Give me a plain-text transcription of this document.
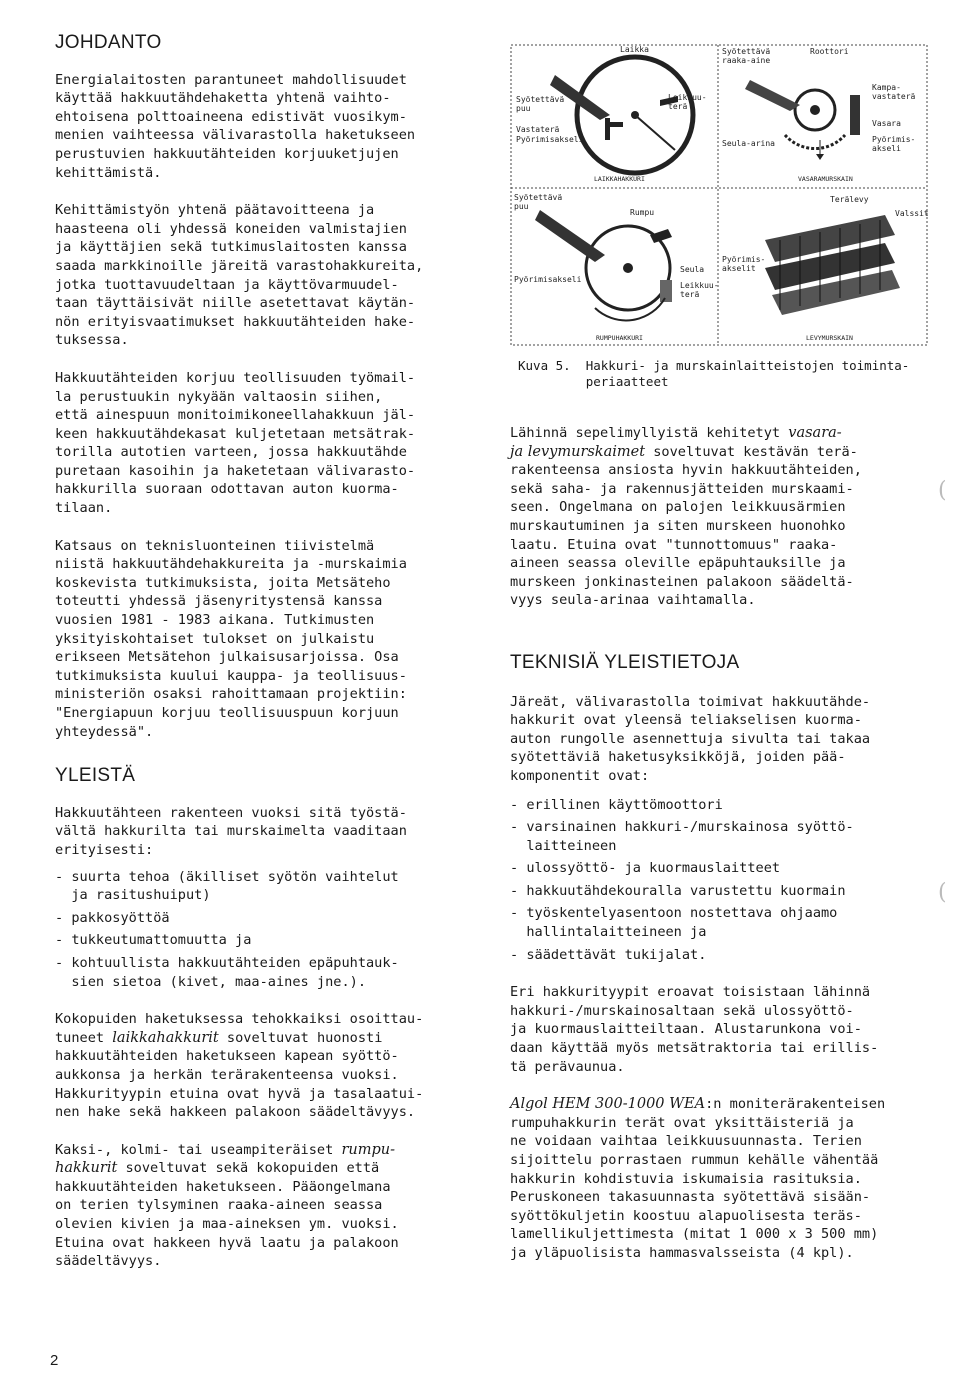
JOHDANTO

Energialaitosten parantuneet mahdollisuudet
käyttää hakkuutähdehaketta yhtenä vaihto-
ehtoisena polttoaineena edistivät vuosikym-
menien vaihteessa välivarastolla haketukseen
perustuvien hakkuutähteiden korjuuketjujen
kehittämistä.

Kehittämistyön yhtenä päätavoitteena ja
haasteena oli yhdessä koneiden valmistajien
ja käyttäjien sekä tutkimuslaitosten kanssa
saada markkinoille järeitä varastohakkureita,
jotka tuottavuudeltaan ja käyttövarmuudel-
taan täyttäisivät niille asetettavat käytän-
nön erityisvaatimukset hakkuutähteiden hake-
tuksessa.

Hakkuutähteiden korjuu teollisuuden työmail-
la perustuukin nykyään valtaosin siihen,
että ainespuun monitoimikoneellahakkuun jäl-
keen hakkuutähdekasat kuljetetaan metsätrak-
torilla autotien varteen, jossa hakkuutähde
puretaan kasoihin ja haketetaan välivarasto-
hakkurilla suoraan odottavan auton kuorma-
tilaan.

Katsaus on teknisluonteinen tiivistelmä
niistä hakkuutähdehakkureita ja -murskaimia
koskevista tutkimuksista, joita Metsäteho
toteutti yhdessä jäsenyritystensä kanssa
vuosien 1981 - 1983 aikana. Tutkimusten
yksityiskohtaiset tulokset on julkaistu
erikseen Metsätehon julkaisusarjoissa. Osa
tutkimuksista kuului kauppa- ja teollisuus-
ministeriön osaksi rahoittamaan projektiin:
"Energiapuun korjuu teollisuuspuun korjuun
yhteydessä".

YLEISTÄ

Hakkuutähteen rakenteen vuoksi sitä työstä-
vältä hakkurilta tai murskaimelta vaaditaan
erityisesti:

- suurta tehoa (äkilliset syötön vaihtelut
ja rasitushuiput)
- pakkosyöttöä
- tukkeutumattomuutta ja
- kohtuullista hakkuutähteiden epäpuhtauk-
sien sietoa (kivet, maa-aines jne.).

Kokopuiden haketuksessa tehokkaiksi osoittau-
tuneet laikkahakkurit soveltuvat huonosti
hakkuutähteiden haketukseen kapean syöttö-
aukkonsa ja herkän terärakenteensa vuoksi.
Hakkurityypin etuina ovat hyvä ja tasalaatui-
nen hake sekä hakkeen palakoon säädeltävyys.

Kaksi-, kolmi- tai useampiteräiset rumpu-
hakkurit soveltuvat sekä kokopuiden että
hakkuutähteiden haketukseen. Pääongelmana
on terien tylsyminen raaka-aineen seassa
olevien kivien ja maa-aineksen ym. vuoksi.
Etuina ovat hakkeen hyvä laatu ja palakoon
säädeltävyys.

Laikka
Syötettävä puu
Vastaterä
Pyörimisakseli
Leikkuu-terä
LAIKKAHAKKURI
Syötettävä raaka-aine
Roottori
Kampa-vastaterä
Vasara
Pyörimis-akseli
Seula-arina
VASARAMURSKAIN
Syötettävä puu
Rumpu
Pyörimisakseli
Seula
Leikkuu-terä
RUMPUHAKKURI
Terälevy
Valssit
Pyörimis-akselit
LEVYMURSKAIN
Kuva 5.  Hakkuri- ja murskainlaitteistojen toiminta-
periaatteet

Lähinnä sepelimyllyistä kehitetyt vasara-
ja levymurskaimet soveltuvat kestävän terä-
rakenteensa ansiosta hyvin hakkuutähteiden,
sekä saha- ja rakennusjätteiden murskaami-
seen. Ongelmana on palojen leikkuusärmien
murskautuminen ja siten murskeen huonohko
laatu. Etuina ovat "tunnottomuus" raaka-
aineen seassa oleville epäpuhtauksille ja
murskeen jonkinasteinen palakoon säädeltä-
vyys seula-arinaa vaihtamalla.

TEKNISIÄ YLEISTIETOJA

Järeät, välivarastolla toimivat hakkuutähde-
hakkurit ovat yleensä teliakselisen kuorma-
auton rungolle asennettuja sivulta tai takaa
syötettäviä haketusyksikköjä, joiden pää-
komponentit ovat:

- erillinen käyttömoottori
- varsinainen hakkuri-/murskainosa syöttö-
laitteineen
- ulossyöttö- ja kuormauslaitteet
- hakkuutähdekouralla varustettu kuormain
- työskentelyasentoon nostettava ohjaamo
hallintalaitteineen ja
- säädettävät tukijalat.

Eri hakkurityypit eroavat toisistaan lähinnä
hakkuri-/murskainosaltaan sekä ulossyöttö-
ja kuormauslaitteiltaan. Alustarunkona voi-
daan käyttää myös metsätraktoria tai erillis-
tä perävaunua.

Algol HEM 300-1000 WEA:n moniterärakenteisen
rumpuhakkurin terät ovat yksittäisteriä ja
ne voidaan vaihtaa leikkuusuunnasta. Terien
sijoittelu porrastaen rummun kehälle vähentää
hakkurin kohdistuvia iskumaisia rasituksia.
Peruskoneen takasuunnasta syötettävä sisään-
syöttökuljetin koostuu alapuolisesta teräs-
lamellikuljettimesta (mitat 1 000 x 3 500 mm)
ja yläpuolisista hammasvalsseista (4 kpl).

(
(
2
